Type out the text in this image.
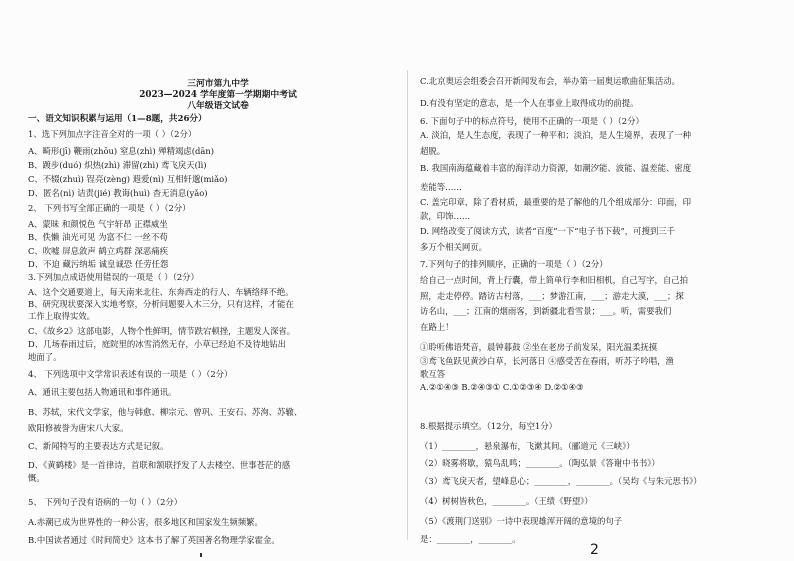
三河市第九中学
2023—2024 学年度第一学期期中考试
八年级语文试卷
一、语文知识积累与运用（1—8题，共26分）
1、选下列加点字注音全对的一项（ ）（2分）
A、畸形(jī) 鞭雨(zhōu) 窒息(zhì) 殚精竭虑(dān)
B、踱步(duó) 炽热(zhì) 滞留(zhì) 鸢飞戾天(lì)
C、不辍(zhuì) 锃亮(zèng) 遐爱(nì) 互相轩邈(miǎo)
D、匿名(nì) 诘责(jié) 教诲(huì) 杳无消息(yǎo)
2、 下列书写全部正确的一项是（ ）（2分）
A、蒙昧 和颜悦色 气宇轩昂 正襟威坐
B、佚懒 油光可见 为富不仁 一丝不苟
C、吹嘘 屏息敛声 鹤立鸡群 深恶痛疾
D、不迫 藏污纳垢 诚皇诚恐 任劳任怨
3.下列加点成语使用错误的一项是（ ）（2分）
A、这个交通要道上，每天南来北往、东奔西走的行人、车辆络绎不绝。
B、研究现状要深入实地考察，分析问题要入木三分，只有这样，才能在
工作上取得实效。
C、《故乡2》这部电影，人物个性鲜明，情节跌宕顿挫，主题发人深省。
D、几场春雨过后，庭院里的冰雪消然无存，小草已经迫不及待地钻出
地面了。
4、 下列选项中文学常识表述有误的一项是（ ）（2分）
A、通讯主要包括人物通讯和事件通讯。
B、苏轼，宋代文学家，他与韩愈、柳宗元、曾巩、王安石、苏洵、苏辙、
欧阳修被誉为唐宋八大家。
C、新闻特写的主要表达方式是记叙。
D、《黄鹤楼》是一首律诗，首联和颔联抒发了人去楼空、世事苍茫的感
慨。
5、 下列句子没有语病的一句（ ）（2分）
A.赤潮已成为世界性的一种公害，很多地区和国家发生频频繁。
B.中国读者通过《时间简史》这本书了解了英国著名物理学家霍金。
C.北京奥运会组委会召开新闻发布会，举办第一届奥运歌曲征集活动。
D.有没有坚定的意志，是一个人在事业上取得成功的前提。
6. 下面句子中的标点符号，使用不正确的一项是（ ）（2分）
A. 淡泊，是人生态度，表现了一种平和；淡泊，是人生境界，表现了一种
超脱。
B. 我国南海蕴藏着丰富的海洋动力资源，如潮汐能、波能、温差能、密度
差能等……
C. 盖完印章，除了看材质，最重要的是了解他的几个组成部分：印面，印
款，印饰……
D. 网络改变了阅读方式，读者“百度”一下“电子书下载”，可搜到三千
多万个相关网页。
7.下列句子的排列顺序，正确的一项是（ ）（2分）
给自己一点时间，背上行囊，带上简单行李和旧相机，自己写字，自己拍
照，走走停停。踏访古村落，___；梦游江南，___；游走大漠，___；探
访名山，___；江南的烟雨客，到新疆北看雪景；___。听，需要我们
在路上！
①聆听佛语梵音，晨钟暮鼓 ②坐在老房子前发呆，阳光温柔抚摸
③鸢飞鱼跃见黄沙白草，长河落日 ④感受苦在春雨，听苏子吟唱，渔
歌互答
A.②①④③ B.②④③① C.①②③④ D.②①④③
8.根据提示填空。（12分，每空1分）
（1）________，悬泉瀑布，飞漱其间。（郦道元《三峡》）
（2）晓雾将歇，猿鸟乱鸣；________。（陶弘景《答谢中书书》）
（3）鸢飞戾天者，望峰息心；________，________。（吴均《与朱元思书》）
（4）树树皆秋色，________。（王绩《野望》）
（5）《渡荆门送别》一诗中表现雄浑开阔的意境的句子
是：________，________。
2
